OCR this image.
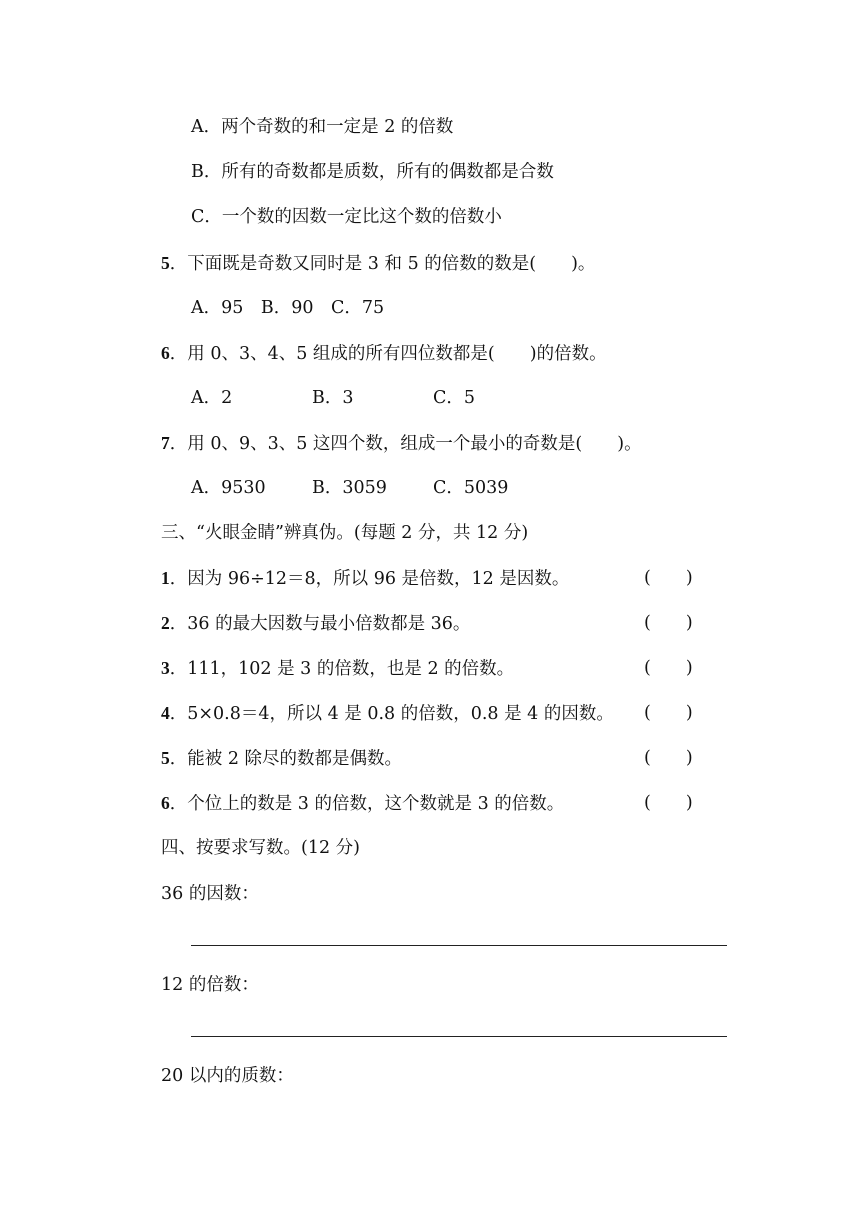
A．两个奇数的和一定是 2 的倍数
B．所有的奇数都是质数，所有的偶数都是合数
C．一个数的因数一定比这个数的倍数小
5．下面既是奇数又同时是 3 和 5 的倍数的数是(　　)。
A．95　B．90　C．75
6．用 0、3、4、5 组成的所有四位数都是(　　)的倍数。
A．2	B．3	C．5
7．用 0、9、3、5 这四个数，组成一个最小的奇数是(　　)。
A．9530	B．3059	C．5039
三、“火眼金睛”辨真伪。(每题 2 分，共 12 分)
1．因为 96÷12＝8，所以 96 是倍数，12 是因数。	(　　)
2．36 的最大因数与最小倍数都是 36。	(　　)
3．111，102 是 3 的倍数，也是 2 的倍数。	(　　)
4．5×0.8＝4，所以 4 是 0.8 的倍数，0.8 是 4 的因数。 (　　)
5．能被 2 除尽的数都是偶数。	(　　)
6．个位上的数是 3 的倍数，这个数就是 3 的倍数。	(　　)
四、按要求写数。(12 分)
36 的因数：
12 的倍数：
20 以内的质数：
